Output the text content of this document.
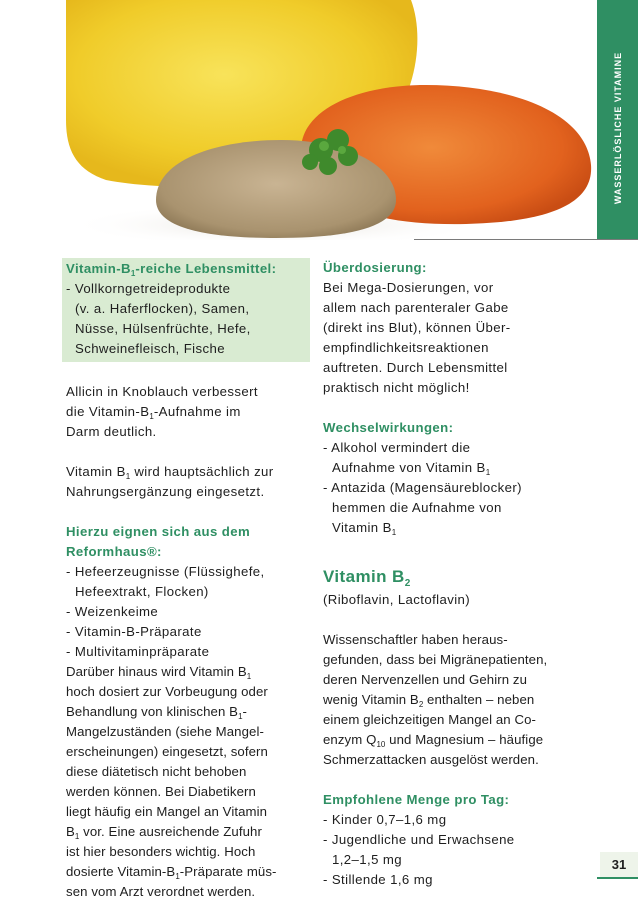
WASSERLÖSLICHE VITAMINE
Vitamin-$B_1$-reiche Lebensmittel:
- Vollkorngetreideprodukte
(v. a. Haferflocken), Samen,
Nüsse, Hülsenfrüchte, Hefe,
Schweinefleisch, Fische
Allicin in Knoblauch verbessert
die Vitamin-$B_1$-Aufnahme im
Darm deutlich.
Vitamin $B_1$ wird hauptsächlich zur
Nahrungsergänzung eingesetzt.
Hierzu eignen sich aus dem
Reformhaus®:
- Hefeerzeugnisse (Flüssighefe,
Hefeextrakt, Flocken)
- Weizenkeime
- Vitamin-B-Präparate
- Multivitaminpräparate
Darüber hinaus wird Vitamin $B_1$
hoch dosiert zur Vorbeugung oder
Behandlung von klinischen $B_1-$
Mangelzuständen (siehe Mangel-
erscheinungen) eingesetzt, sofern
diese diätetisch nicht behoben
werden können. Bei Diabetikern
liegt häufig ein Mangel an Vitamin
$B_1$ vor. Eine ausreichende Zufuhr
ist hier besonders wichtig. Hoch
dosierte Vitamin-$B_1$-Präparate müs-
sen vom Arzt verordnet werden.
Überdosierung:
Bei Mega-Dosierungen, vor
allem nach parenteraler Gabe
(direkt ins Blut), können Über-
empfindlichkeitsreaktionen
auftreten. Durch Lebensmittel
praktisch nicht möglich!
Wechselwirkungen:
- Alkohol vermindert die
Aufnahme von Vitamin $B_1$
- Antazida (Magensäureblocker)
hemmen die Aufnahme von
Vitamin $B_1$
Vitamin $B_2$
(Riboflavin, Lactoflavin)
Wissenschaftler haben heraus-
gefunden, dass bei Migränepatienten,
deren Nervenzellen und Gehirn zu
wenig Vitamin $B_2$ enthalten – neben
einem gleichzeitigen Mangel an Co-
enzym $Q_{10}$ und Magnesium – häufige
Schmerzattacken ausgelöst werden.
Empfohlene Menge pro Tag:
- Kinder 0,7–1,6 mg
- Jugendliche und Erwachsene
1,2–1,5 mg
- Stillende 1,6 mg
31
